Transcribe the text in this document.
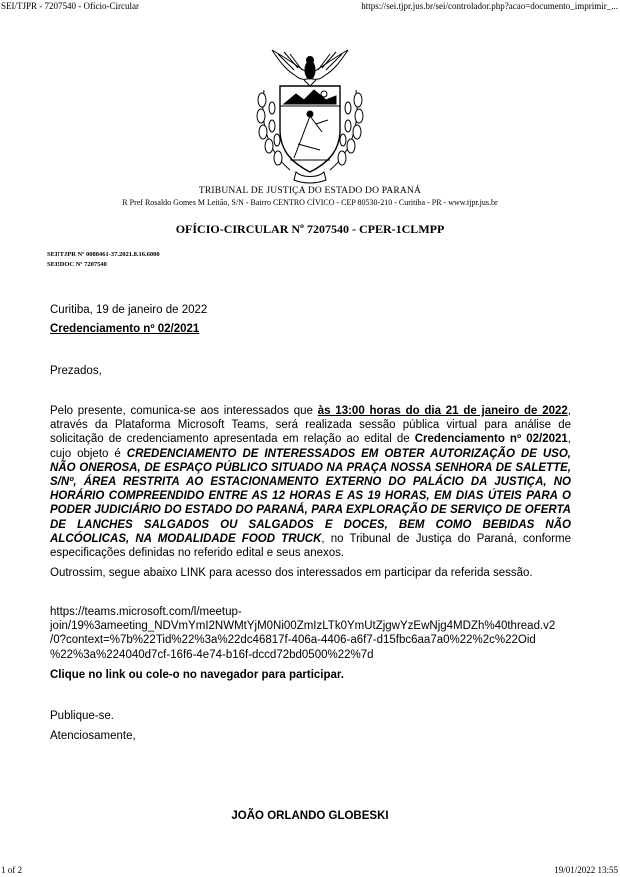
SEI/TJPR - 7207540 - Ofício-Circular	https://sei.tjpr.jus.br/sei/controlador.php?acao=documento_imprimir_...
TRIBUNAL DE JUSTIÇA DO ESTADO DO PARANÁ
R Pref Rosaldo Gomes M Leitão, S/N - Bairro CENTRO CÍVICO - CEP 80530-210 - Curitiba - PR - www.tjpr.jus.br
OFÍCIO-CIRCULAR Nº 7207540 - CPER-1CLMPP
SEI!TJPR Nº 0088461-37.2021.8.16.6000
SEI!DOC Nº 7207540
Curitiba, 19 de janeiro de 2022
Credenciamento nº 02/2021
Prezados,
Pelo presente, comunica-se aos interessados que às 13:00 horas do dia 21 de janeiro de 2022, através da Plataforma Microsoft Teams, será realizada sessão pública virtual para análise de solicitação de credenciamento apresentada em relação ao edital de Credenciamento nº 02/2021, cujo objeto é CREDENCIAMENTO DE INTERESSADOS EM OBTER AUTORIZAÇÃO DE USO, NÃO ONEROSA, DE ESPAÇO PÚBLICO SITUADO NA PRAÇA NOSSA SENHORA DE SALETTE, S/Nº, ÁREA RESTRITA AO ESTACIONAMENTO EXTERNO DO PALÁCIO DA JUSTIÇA, NO HORÁRIO COMPREENDIDO ENTRE AS 12 HORAS E AS 19 HORAS, EM DIAS ÚTEIS PARA O PODER JUDICIÁRIO DO ESTADO DO PARANÁ, PARA EXPLORAÇÃO DE SERVIÇO DE OFERTA DE LANCHES SALGADOS OU SALGADOS E DOCES, BEM COMO BEBIDAS NÃO ALCÓOLICAS, NA MODALIDADE FOOD TRUCK, no Tribunal de Justiça do Paraná, conforme especificações definidas no referido edital e seus anexos.
Outrossim, segue abaixo LINK para acesso dos interessados em participar da referida sessão.
https://teams.microsoft.com/l/meetup-
join/19%3ameeting_NDVmYmI2NWMtYjM0Ni00ZmIzLTk0YmUtZjgwYzEwNjg4MDZh%40thread.v2
/0?context=%7b%22Tid%22%3a%22dc46817f-406a-4406-a6f7-d15fbc6aa7a0%22%2c%22Oid
%22%3a%224040d7cf-16f6-4e74-b16f-dccd72bd0500%22%7d
Clique no link ou cole-o no navegador para participar.
Publique-se.
Atenciosamente,
JOÃO ORLANDO GLOBESKI
1 of 2	19/01/2022 13:55
